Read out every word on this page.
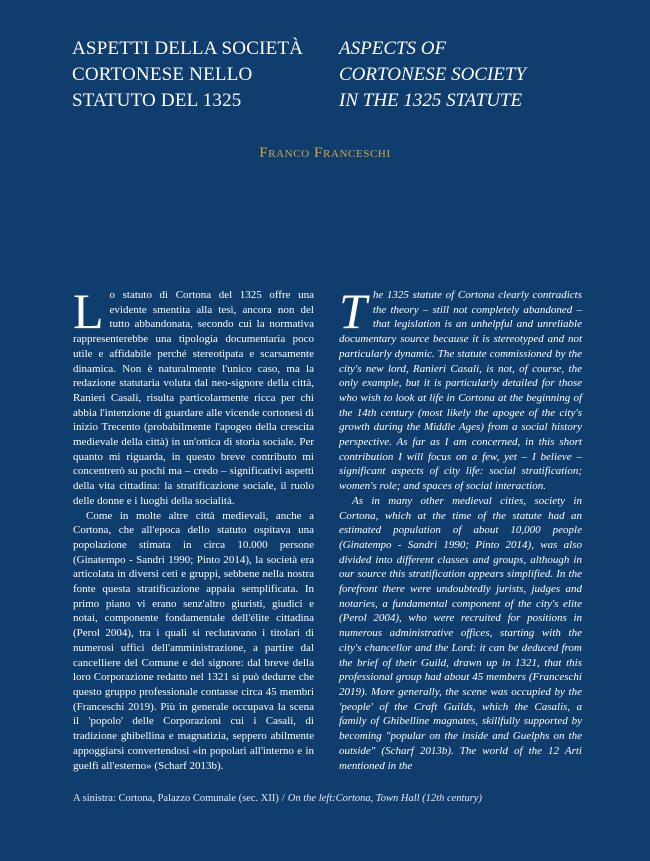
ASPETTI DELLA SOCIETÀ
CORTONESE NELLO
STATUTO DEL 1325
ASPECTS OF
CORTONESE SOCIETY
IN THE 1325 STATUTE
Franco Franceschi

Lo statuto di Cortona del 1325 offre una evidente smentita alla tesi, ancora non del tutto abbandonata, secondo cui la normativa rappresenterebbe una tipologia documentaria poco utile e affidabile perché stereotipata e scarsamente dinamica. Non è naturalmente l'unico caso, ma la redazione statutaria voluta dal neo-signore della città, Ranieri Casali, risulta particolarmente ricca per chi abbia l'intenzione di guardare alle vicende cortonesi di inizio Trecento (probabilmente l'apogeo della crescita medievale della città) in un'ottica di storia sociale. Per quanto mi riguarda, in questo breve contributo mi concentrerò su pochi ma – credo – significativi aspetti della vita cittadina: la stratificazione sociale, il ruolo delle donne e i luoghi della socialità.

Come in molte altre città medievali, anche a Cortona, che all'epoca dello statuto ospitava una popolazione stimata in circa 10.000 persone (Ginatempo - Sandri 1990; Pinto 2014), la società era articolata in diversi ceti e gruppi, sebbene nella nostra fonte questa stratificazione appaia semplificata. In primo piano vi erano senz'altro giuristi, giudici e notai, componente fondamentale dell'élite cittadina (Perol 2004), tra i quali si reclutavano i titolari di numerosi uffici dell'amministrazione, a partire dal cancelliere del Comune e del signore: dal breve della loro Corporazione redatto nel 1321 si può dedurre che questo gruppo professionale contasse circa 45 membri (Franceschi 2019). Più in generale occupava la scena il 'popolo' delle Corporazioni cui i Casali, di tradizione ghibellina e magnatizia, seppero abilmente appoggiarsi convertendosi «in popolari all'interno e in guelfi all'esterno» (Scharf 2013b).

The 1325 statute of Cortona clearly contradicts the theory – still not completely abandoned – that legislation is an unhelpful and unreliable documentary source because it is stereotyped and not particularly dynamic. The statute commissioned by the city's new lord, Ranieri Casali, is not, of course, the only example, but it is particularly detailed for those who wish to look at life in Cortona at the beginning of the 14th century (most likely the apogee of the city's growth during the Middle Ages) from a social history perspective. As far as I am concerned, in this short contribution I will focus on a few, yet – I believe – significant aspects of city life: social stratification; women's role; and spaces of social interaction.

As in many other medieval cities, society in Cortona, which at the time of the statute had an estimated population of about 10,000 people (Ginatempo - Sandri 1990; Pinto 2014), was also divided into different classes and groups, although in our source this stratification appears simplified. In the forefront there were undoubtedly jurists, judges and notaries, a fundamental component of the city's elite (Perol 2004), who were recruited for positions in numerous administrative offices, starting with the city's chancellor and the Lord: it can be deduced from the brief of their Guild, drawn up in 1321, that this professional group had about 45 members (Franceschi 2019). More generally, the scene was occupied by the 'people' of the Craft Guilds, which the Casalis, a family of Ghibelline magnates, skillfully supported by becoming "popular on the inside and Guelphs on the outside" (Scharf 2013b). The world of the 12 Arti mentioned in the

A sinistra: Cortona, Palazzo Comunale (sec. XII) / On the left:Cortona, Town Hall (12th century)
